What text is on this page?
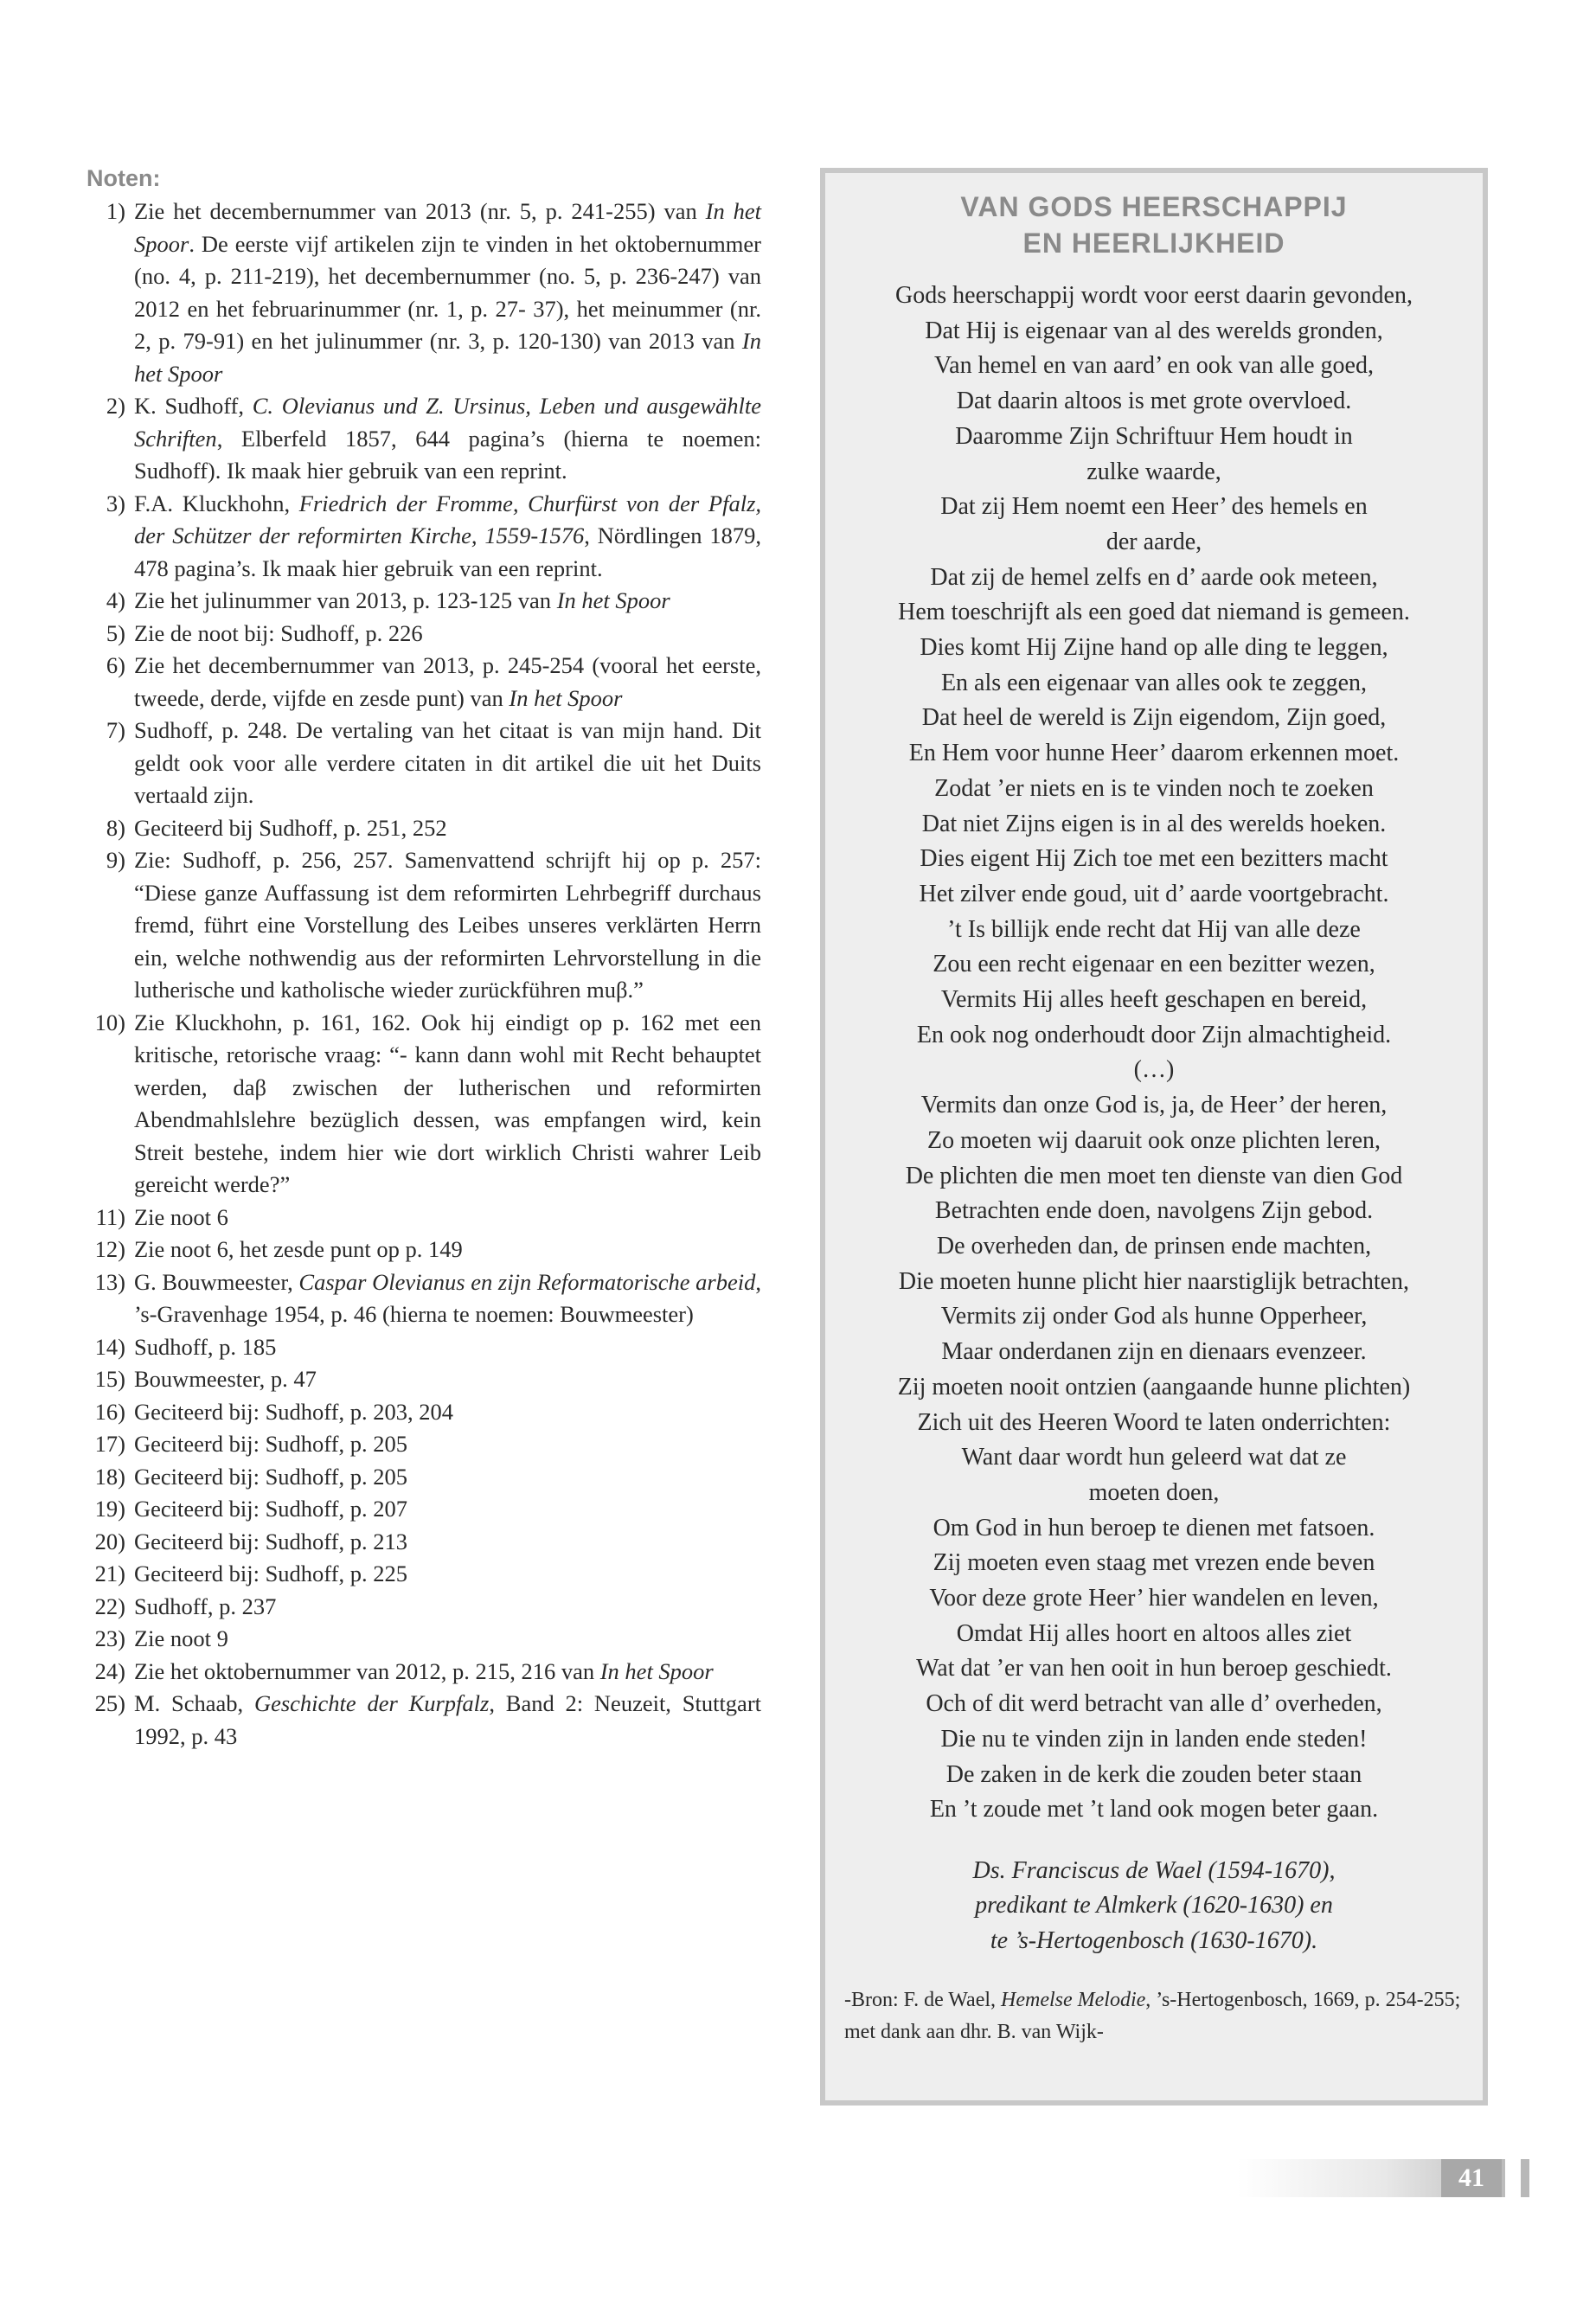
Noten:
1) Zie het decembernummer van 2013 (nr. 5, p. 241-255) van In het Spoor. De eerste vijf artikelen zijn te vinden in het oktobernummer (no. 4, p. 211-219), het decembernummer (no. 5, p. 236-247) van 2012 en het februarinummer (nr. 1, p. 27- 37), het meinummer (nr. 2, p. 79-91) en het julinummer (nr. 3, p. 120-130) van 2013 van In het Spoor
2) K. Sudhoff, C. Olevianus und Z. Ursinus, Leben und ausgewählte Schriften, Elberfeld 1857, 644 pagina’s (hierna te noemen: Sudhoff). Ik maak hier gebruik van een reprint.
3) F.A. Kluckhohn, Friedrich der Fromme, Churfürst von der Pfalz, der Schützer der reformirten Kirche, 1559-1576, Nördlingen 1879, 478 pagina’s. Ik maak hier gebruik van een reprint.
4) Zie het julinummer van 2013, p. 123-125 van In het Spoor
5) Zie de noot bij: Sudhoff, p. 226
6) Zie het decembernummer van 2013, p. 245-254 (vooral het eerste, tweede, derde, vijfde en zesde punt) van In het Spoor
7) Sudhoff, p. 248. De vertaling van het citaat is van mijn hand. Dit geldt ook voor alle verdere citaten in dit artikel die uit het Duits vertaald zijn.
8) Geciteerd bij Sudhoff, p. 251, 252
9) Zie: Sudhoff, p. 256, 257. Samenvattend schrijft hij op p. 257: “Diese ganze Auffassung ist dem reformirten Lehrbegriff durchaus fremd, führt eine Vorstellung des Leibes unseres verklärten Herrn ein, welche nothwendig aus der reformirten Lehrvorstellung in die lutherische und katholische wieder zurückführen muβ.”
10) Zie Kluckhohn, p. 161, 162. Ook hij eindigt op p. 162 met een kritische, retorische vraag: “- kann dann wohl mit Recht behauptet werden, daβ zwischen der lutherischen und reformirten Abendmahlslehre bezüglich dessen, was empfangen wird, kein Streit bestehe, indem hier wie dort wirklich Christi wahrer Leib gereicht werde?”
11) Zie noot 6
12) Zie noot 6, het zesde punt op p. 149
13) G. Bouwmeester, Caspar Olevianus en zijn Reformatorische arbeid, ’s-Gravenhage 1954, p. 46 (hierna te noemen: Bouwmeester)
14) Sudhoff, p. 185
15) Bouwmeester, p. 47
16) Geciteerd bij: Sudhoff, p. 203, 204
17) Geciteerd bij: Sudhoff, p. 205
18) Geciteerd bij: Sudhoff, p. 205
19) Geciteerd bij: Sudhoff, p. 207
20) Geciteerd bij: Sudhoff, p. 213
21) Geciteerd bij: Sudhoff, p. 225
22) Sudhoff, p. 237
23) Zie noot 9
24) Zie het oktobernummer van 2012, p. 215, 216 van In het Spoor
25) M. Schaab, Geschichte der Kurpfalz, Band 2: Neuzeit, Stuttgart 1992, p. 43
VAN GODS HEERSCHAPPIJ
EN HEERLIJKHEID
Gods heerschappij wordt voor eerst daarin gevonden,
Dat Hij is eigenaar van al des werelds gronden,
Van hemel en van aard’ en ook van alle goed,
Dat daarin altoos is met grote overvloed.
Daaromme Zijn Schriftuur Hem houdt in
zulke waarde,
Dat zij Hem noemt een Heer’ des hemels en
der aarde,
Dat zij de hemel zelfs en d’ aarde ook meteen,
Hem toeschrijft als een goed dat niemand is gemeen.
Dies komt Hij Zijne hand op alle ding te leggen,
En als een eigenaar van alles ook te zeggen,
Dat heel de wereld is Zijn eigendom, Zijn goed,
En Hem voor hunne Heer’ daarom erkennen moet.
Zodat ’er niets en is te vinden noch te zoeken
Dat niet Zijns eigen is in al des werelds hoeken.
Dies eigent Hij Zich toe met een bezitters macht
Het zilver ende goud, uit d’ aarde voortgebracht.
’t Is billijk ende recht dat Hij van alle deze
Zou een recht eigenaar en een bezitter wezen,
Vermits Hij alles heeft geschapen en bereid,
En ook nog onderhoudt door Zijn almachtigheid.
(…)
Vermits dan onze God is, ja, de Heer’ der heren,
Zo moeten wij daaruit ook onze plichten leren,
De plichten die men moet ten dienste van dien God
Betrachten ende doen, navolgens Zijn gebod.
De overheden dan, de prinsen ende machten,
Die moeten hunne plicht hier naarstiglijk betrachten,
Vermits zij onder God als hunne Opperheer,
Maar onderdanen zijn en dienaars evenzeer.
Zij moeten nooit ontzien (aangaande hunne plichten)
Zich uit des Heeren Woord te laten onderrichten:
Want daar wordt hun geleerd wat dat ze
moeten doen,
Om God in hun beroep te dienen met fatsoen.
Zij moeten even staag met vrezen ende beven
Voor deze grote Heer’ hier wandelen en leven,
Omdat Hij alles hoort en altoos alles ziet
Wat dat ’er van hen ooit in hun beroep geschiedt.
Och of dit werd betracht van alle d’ overheden,
Die nu te vinden zijn in landen ende steden!
De zaken in de kerk die zouden beter staan
En ’t zoude met ’t land ook mogen beter gaan.
Ds. Franciscus de Wael (1594-1670),
predikant te Almkerk (1620-1630) en
te ’s-Hertogenbosch (1630-1670).
-Bron: F. de Wael, Hemelse Melodie, ’s-Hertogenbosch, 1669, p. 254-255; met dank aan dhr. B. van Wijk-
41
